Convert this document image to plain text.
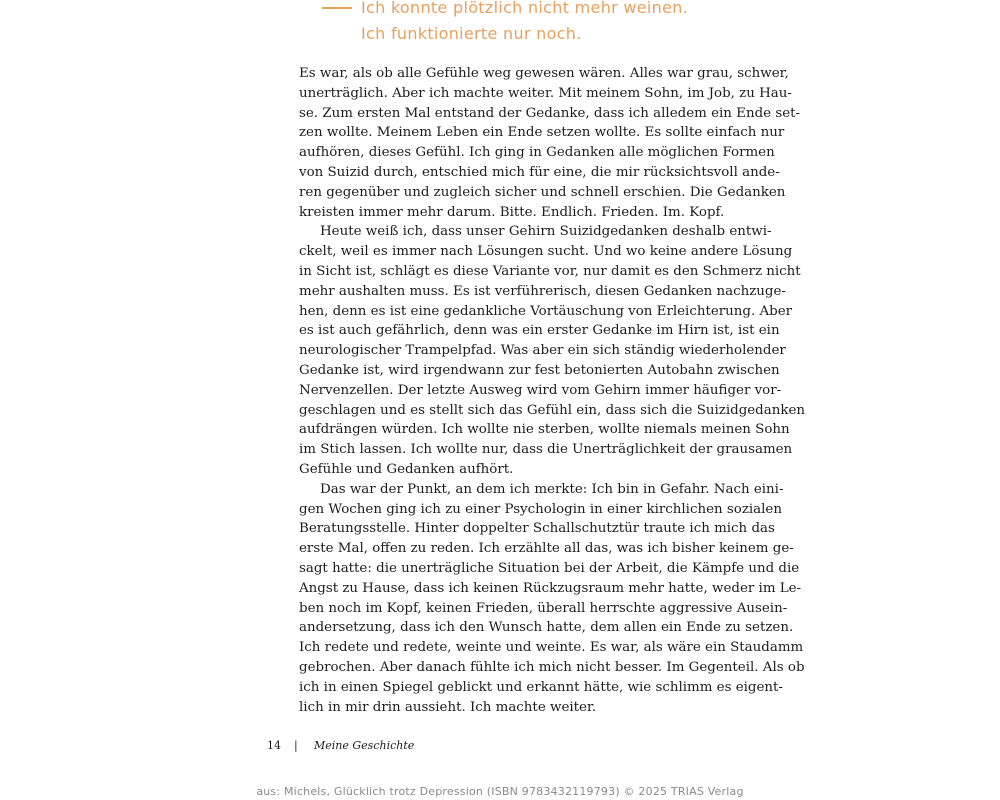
Ich konnte plötzlich nicht mehr weinen.
Ich funktionierte nur noch.
Es war, als ob alle Gefühle weg gewesen wären. Alles war grau, schwer,
unerträglich. Aber ich machte weiter. Mit meinem Sohn, im Job, zu Hau-
se. Zum ersten Mal entstand der Gedanke, dass ich alledem ein Ende set-
zen wollte. Meinem Leben ein Ende setzen wollte. Es sollte einfach nur
aufhören, dieses Gefühl. Ich ging in Gedanken alle möglichen Formen
von Suizid durch, entschied mich für eine, die mir rücksichtsvoll ande-
ren gegenüber und zugleich sicher und schnell erschien. Die Gedanken
kreisten immer mehr darum. Bitte. Endlich. Frieden. Im. Kopf.
Heute weiß ich, dass unser Gehirn Suizidgedanken deshalb entwi-
ckelt, weil es immer nach Lösungen sucht. Und wo keine andere Lösung
in Sicht ist, schlägt es diese Variante vor, nur damit es den Schmerz nicht
mehr aushalten muss. Es ist verführerisch, diesen Gedanken nachzuge-
hen, denn es ist eine gedankliche Vortäuschung von Erleichterung. Aber
es ist auch gefährlich, denn was ein erster Gedanke im Hirn ist, ist ein
neurologischer Trampelpfad. Was aber ein sich ständig wiederholender
Gedanke ist, wird irgendwann zur fest betonierten Autobahn zwischen
Nervenzellen. Der letzte Ausweg wird vom Gehirn immer häufiger vor-
geschlagen und es stellt sich das Gefühl ein, dass sich die Suizidgedanken
aufdrängen würden. Ich wollte nie sterben, wollte niemals meinen Sohn
im Stich lassen. Ich wollte nur, dass die Unerträglichkeit der grausamen
Gefühle und Gedanken aufhört.
Das war der Punkt, an dem ich merkte: Ich bin in Gefahr. Nach eini-
gen Wochen ging ich zu einer Psychologin in einer kirchlichen sozialen
Beratungsstelle. Hinter doppelter Schallschutztür traute ich mich das
erste Mal, offen zu reden. Ich erzählte all das, was ich bisher keinem ge-
sagt hatte: die unerträgliche Situation bei der Arbeit, die Kämpfe und die
Angst zu Hause, dass ich keinen Rückzugsraum mehr hatte, weder im Le-
ben noch im Kopf, keinen Frieden, überall herrschte aggressive Ausein-
andersetzung, dass ich den Wunsch hatte, dem allen ein Ende zu setzen.
Ich redete und redete, weinte und weinte. Es war, als wäre ein Staudamm
gebrochen. Aber danach fühlte ich mich nicht besser. Im Gegenteil. Als ob
ich in einen Spiegel geblickt und erkannt hätte, wie schlimm es eigent-
lich in mir drin aussieht. Ich machte weiter.
14	|	Meine Geschichte
aus: Michels, Glücklich trotz Depression (ISBN 9783432119793) © 2025 TRIAS Verlag
